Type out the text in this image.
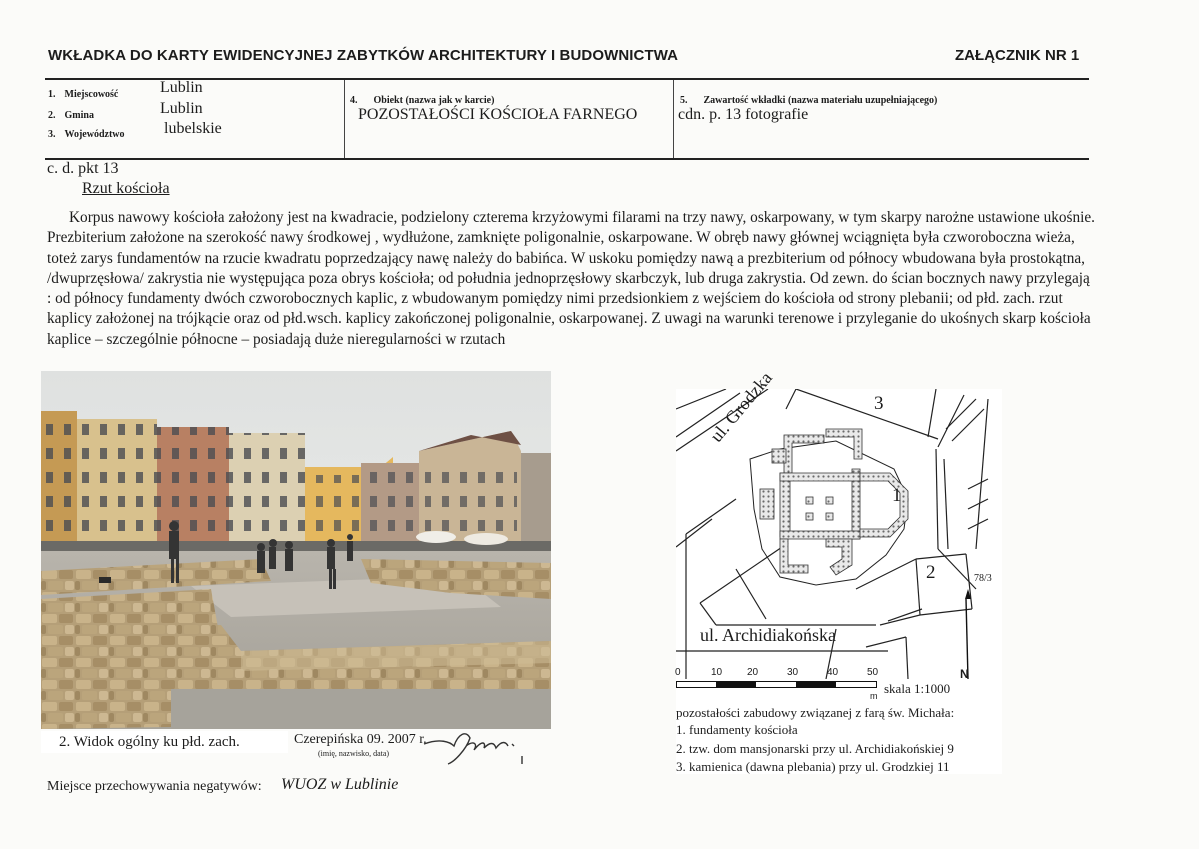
WKŁADKA DO KARTY EWIDENCYJNEJ ZABYTKÓW ARCHITEKTURY I BUDOWNICTWA	ZAŁĄCZNIK NR 1
1. Miejscowość	Lublin
2. Gmina	Lublin
3. Województwo lubelskie
4. Obiekt (nazwa jak w karcie)
POZOSTAŁOŚCI KOŚCIOŁA FARNEGO
5. Zawartość wkładki (nazwa materiału uzupełniającego)
cdn. p. 13 fotografie
c. d. pkt 13
Rzut kościoła
Korpus nawowy kościoła założony jest na kwadracie, podzielony czterema krzyżowymi filarami na trzy nawy, oskarpowany, w tym skarpy narożne ustawione ukośnie. Prezbiterium założone na szerokość nawy środkowej , wydłużone, zamknięte poligonalnie, oskarpowane. W obręb nawy głównej wciągnięta była czworoboczna wieża, toteż zarys fundamentów na rzucie kwadratu poprzedzający nawę należy do babińca. W uskoku pomiędzy nawą a prezbiterium od północy wbudowana była prostokątna, /dwuprzęsłowa/ zakrystia nie występująca poza obrys kościoła; od południa jednoprzęsłowy skarbczyk, lub druga zakrystia. Od zewn. do ścian bocznych nawy przylegają : od północy fundamenty dwóch czworobocznych kaplic, z wbudowanym pomiędzy nimi przedsionkiem z wejściem do kościoła od strony plebanii; od płd. zach. rzut kaplicy założonej na trójkącie oraz od płd.wsch. kaplicy zakończonej poligonalnie, oskarpowanej. Z uwagi na warunki terenowe i przyleganie do ukośnych skarp kościoła kaplice – szczególnie północne – posiadają duże nieregularności w rzutach
2. Widok ogólny ku płd. zach.	Czerepińska 09. 2007 r.
(imię, nazwisko, data)
ul. Grodzka
ul. Archidiakońska
1
2
3
78/3
N
0	10 20	30	40	50
m skala 1:1000
pozostałości zabudowy związanej z farą św. Michała:
1. fundamenty kościoła
2. tzw. dom mansjonarski przy ul. Archidiakońskiej 9
3. kamienica (dawna plebania) przy ul. Grodzkiej 11
Miejsce przechowywania negatywów: WUOZ w Lublinie
